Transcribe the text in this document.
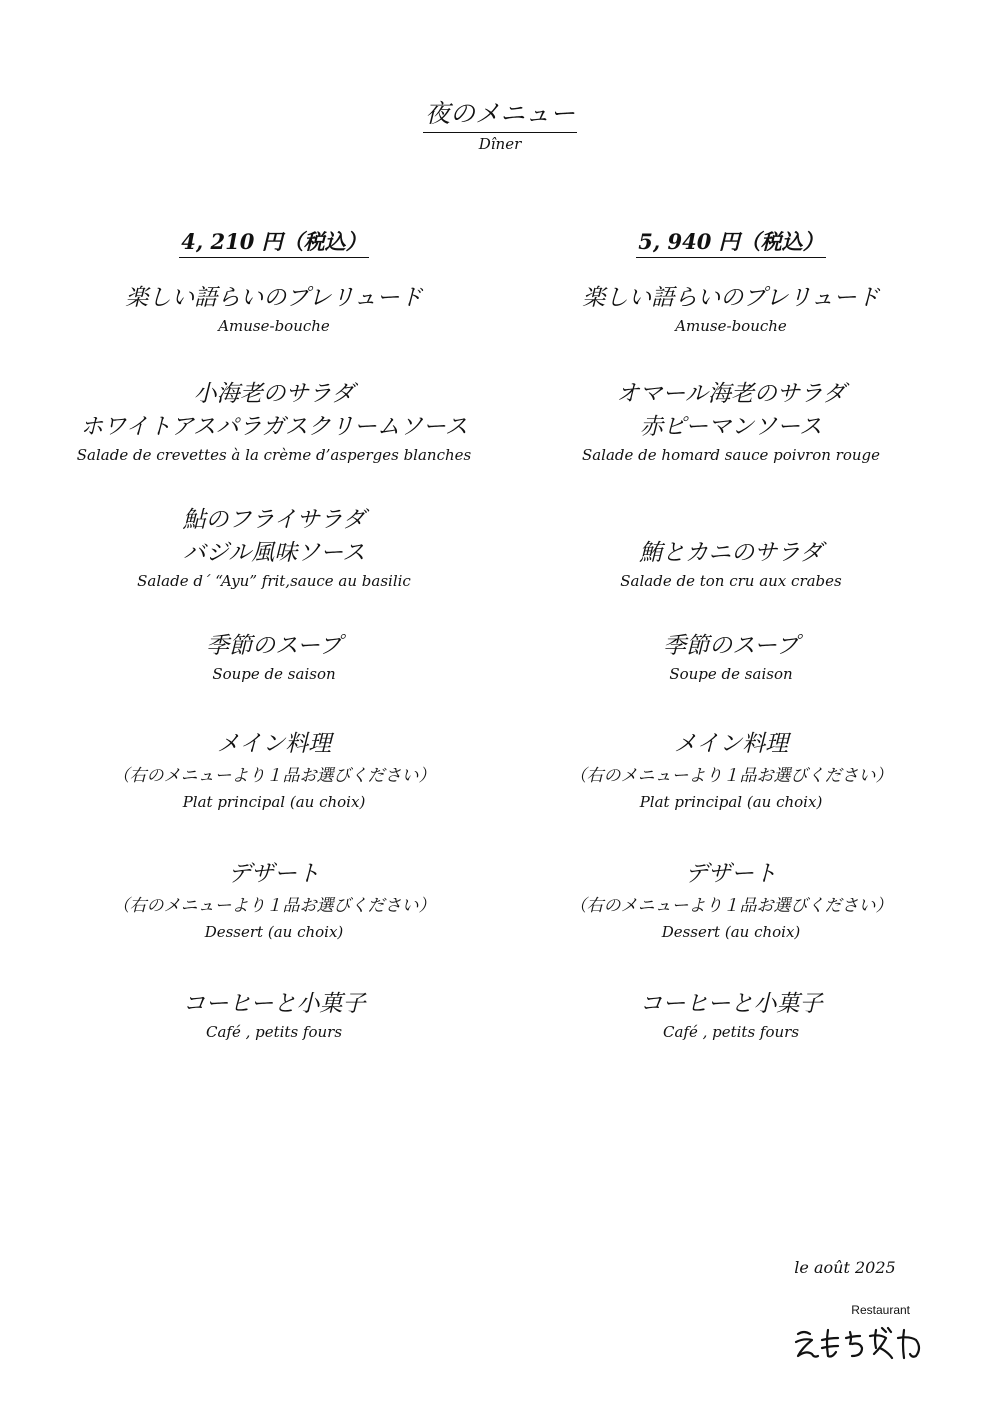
夜のメニュー
Dîner
4, 210 円（税込）
楽しい語らいのプレリュード
Amuse-bouche
小海老のサラダ
ホワイトアスパラガスクリームソース
Salade de crevettes à la crème d’asperges blanches
鮎のフライサラダ
バジル風味ソース
Salade d´ “Ayu” frit,sauce au basilic
季節のスープ
Soupe de saison
メイン料理
（右のメニューより１品お選びください）
Plat principal (au choix)
デザート
（右のメニューより１品お選びください）
Dessert (au choix)
コーヒーと小菓子
Café , petits fours
5, 940 円（税込）
楽しい語らいのプレリュード
Amuse-bouche
オマール海老のサラダ
赤ピーマンソース
Salade de homard sauce poivron rouge
鮪とカニのサラダ
Salade de ton cru aux crabes
季節のスープ
Soupe de saison
メイン料理
（右のメニューより１品お選びください）
Plat principal (au choix)
デザート
（右のメニューより１品お選びください）
Dessert (au choix)
コーヒーと小菓子
Café , petits fours
le août 2025
Restaurant
